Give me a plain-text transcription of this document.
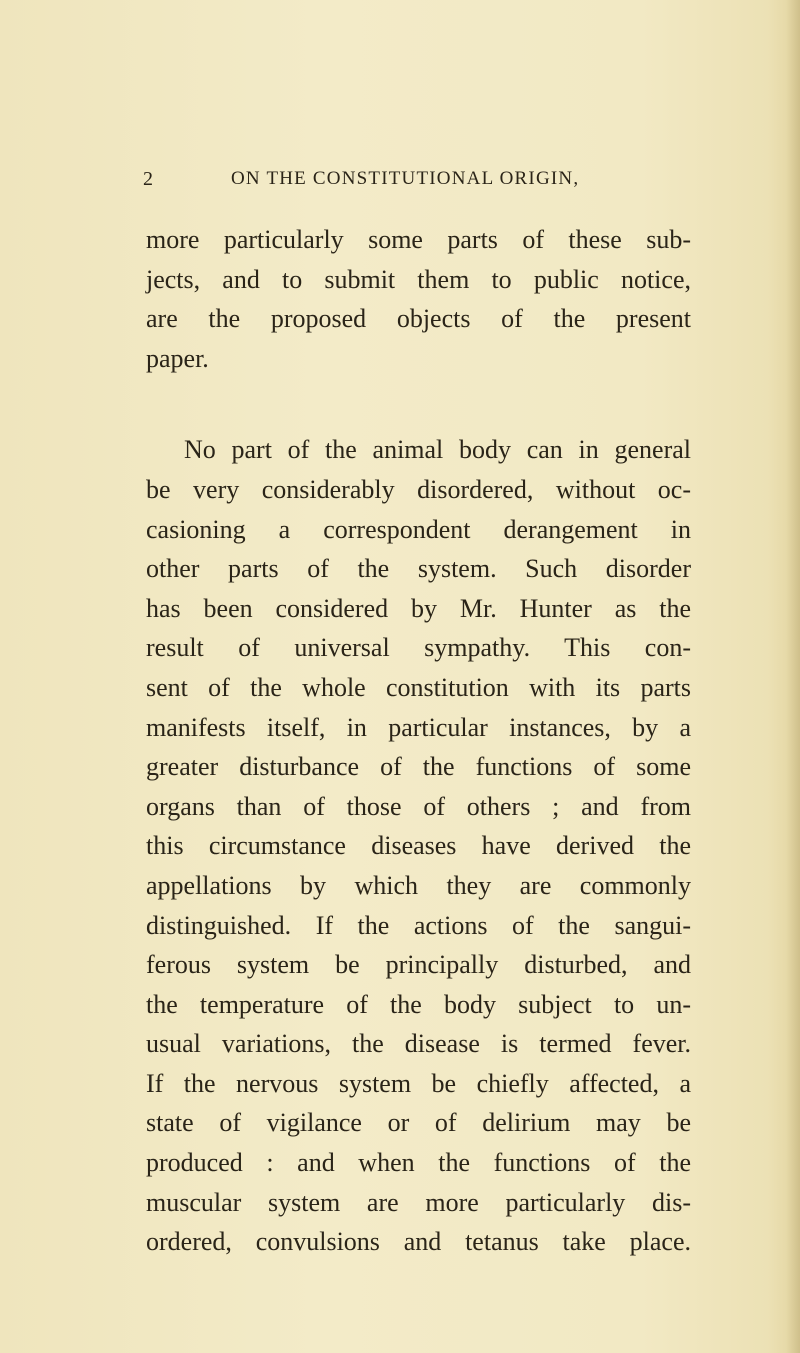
2	ON THE CONSTITUTIONAL ORIGIN,
more particularly some parts of these sub-
jects, and to submit them to public notice,
are the proposed objects of the present
paper.
No part of the animal body can in general
be very considerably disordered, without oc-
casioning a correspondent derangement in
other parts of the system. Such disorder
has been considered by Mr. Hunter as the
result of universal sympathy. This con-
sent of the whole constitution with its parts
manifests itself, in particular instances, by a
greater disturbance of the functions of some
organs than of those of others ; and from
this circumstance diseases have derived the
appellations by which they are commonly
distinguished. If the actions of the sangui-
ferous system be principally disturbed, and
the temperature of the body subject to un-
usual variations, the disease is termed fever.
If the nervous system be chiefly affected, a
state of vigilance or of delirium may be
produced : and when the functions of the
muscular system are more particularly dis-
ordered, convulsions and tetanus take place.
